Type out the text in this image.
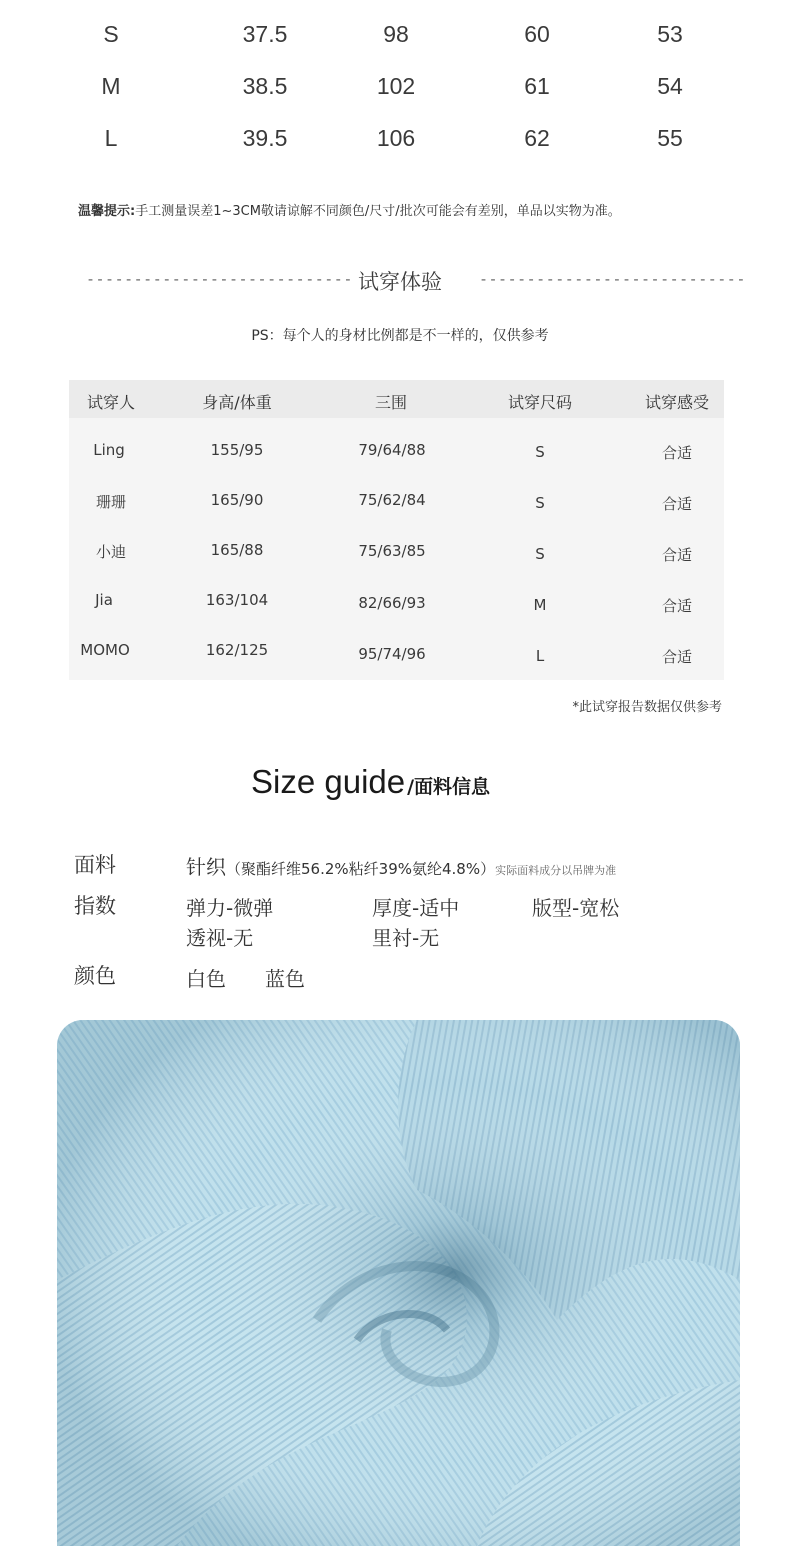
S	37.5	98	60	53
M	38.5	102	61	54
L	39.5	106	62	55
温馨提示:手工测量误差1~3CM敬请谅解不同颜色/尺寸/批次可能会有差别，单品以实物为准。
---------------------------- 试穿体验	----------------------------
PS：每个人的身材比例都是不一样的，仅供参考
试穿人	身高/体重	三围	试穿尺码	试穿感受
Ling	155/95	79/64/88	S	合适
珊珊	165/90	75/62/84	S	合适
小迪	165/88	75/63/85	S	合适
Jia	163/104	82/66/93	M	合适
MOMO	162/125	95/74/96	L	合适
*此试穿报告数据仅供参考
Size guide /面料信息
面料	针织（聚酯纤维56.2%粘纤39%氨纶4.8%）实际面料成分以吊牌为准
指数	弹力-微弹	厚度-适中	版型-宽松
透视-无	里衬-无
颜色	白色 蓝色
